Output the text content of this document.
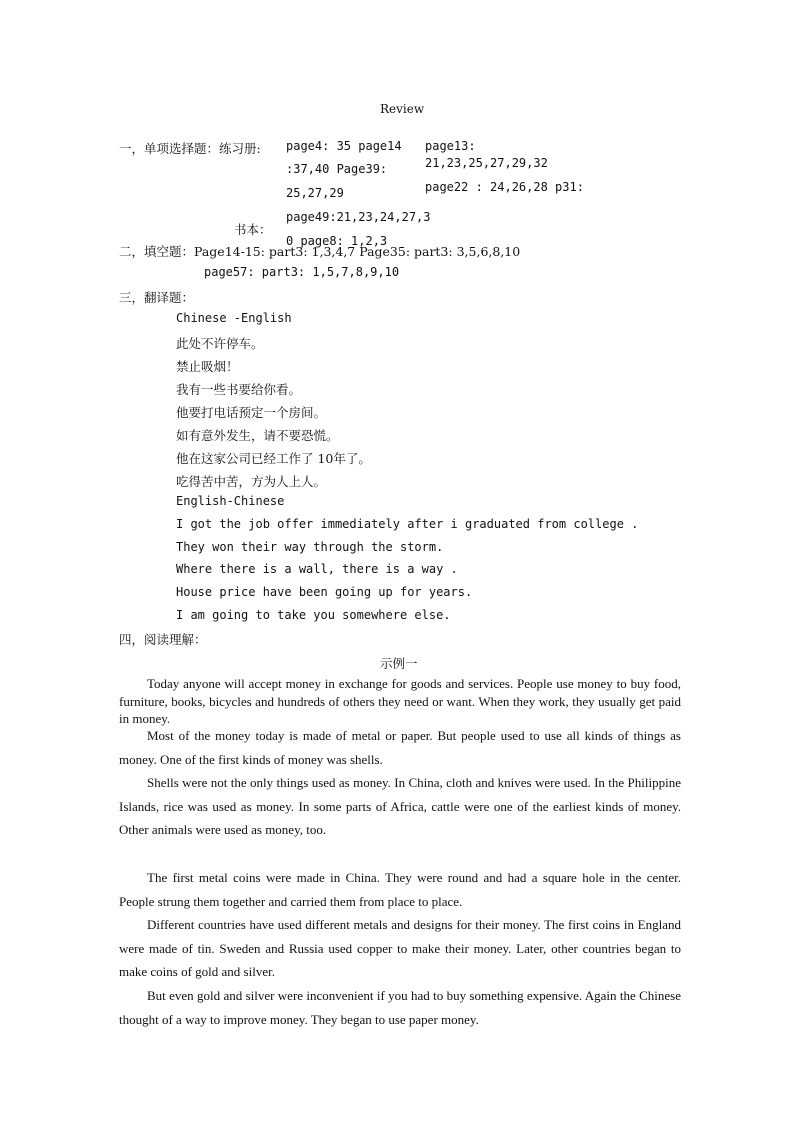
Review
一，单项选择题：练习册: page4: 35 page14
:37,40 Page39:
25,27,29
page13:
21,23,25,27,29,32
page22 : 24,26,28 p31:
书本：
page49:21,23,24,27,3
0 page8: 1,2,3
二，填空题：Page14-15: part3: 1,3,4,7 Page35: part3: 3,5,6,8,10
page57: part3: 1,5,7,8,9,10
三，翻译题：
Chinese -English
此处不许停车。
禁止吸烟！
我有一些书要给你看。
他要打电话预定一个房间。
如有意外发生，请不要恐慌。
他在这家公司已经工作了 10年了。
吃得苦中苦，方为人上人。
English-Chinese
I got the job offer immediately after i graduated from college .
They won their way through the storm.
Where there is a wall, there is a way .
House price have been going up for years.
I am going to take you somewhere else.
四，阅读理解：
示例一

Today anyone will accept money in exchange for goods and services. People use money to buy food, furniture, books, bicycles and hundreds of others they need or want. When they work, they usually get paid in money.

Most of the money today is made of metal or paper. But people used to use all kinds of things as money. One of the first kinds of money was shells.

Shells were not the only things used as money. In China, cloth and knives were used. In the Philippine Islands, rice was used as money. In some parts of Africa, cattle were one of the earliest kinds of money. Other animals were used as money, too.

The first metal coins were made in China. They were round and had a square hole in the center. People strung them together and carried them from place to place.

Different countries have used different metals and designs for their money. The first coins in England were made of tin. Sweden and Russia used copper to make their money. Later, other countries began to make coins of gold and silver.

But even gold and silver were inconvenient if you had to buy something expensive. Again the Chinese thought of a way to improve money. They began to use paper money.
